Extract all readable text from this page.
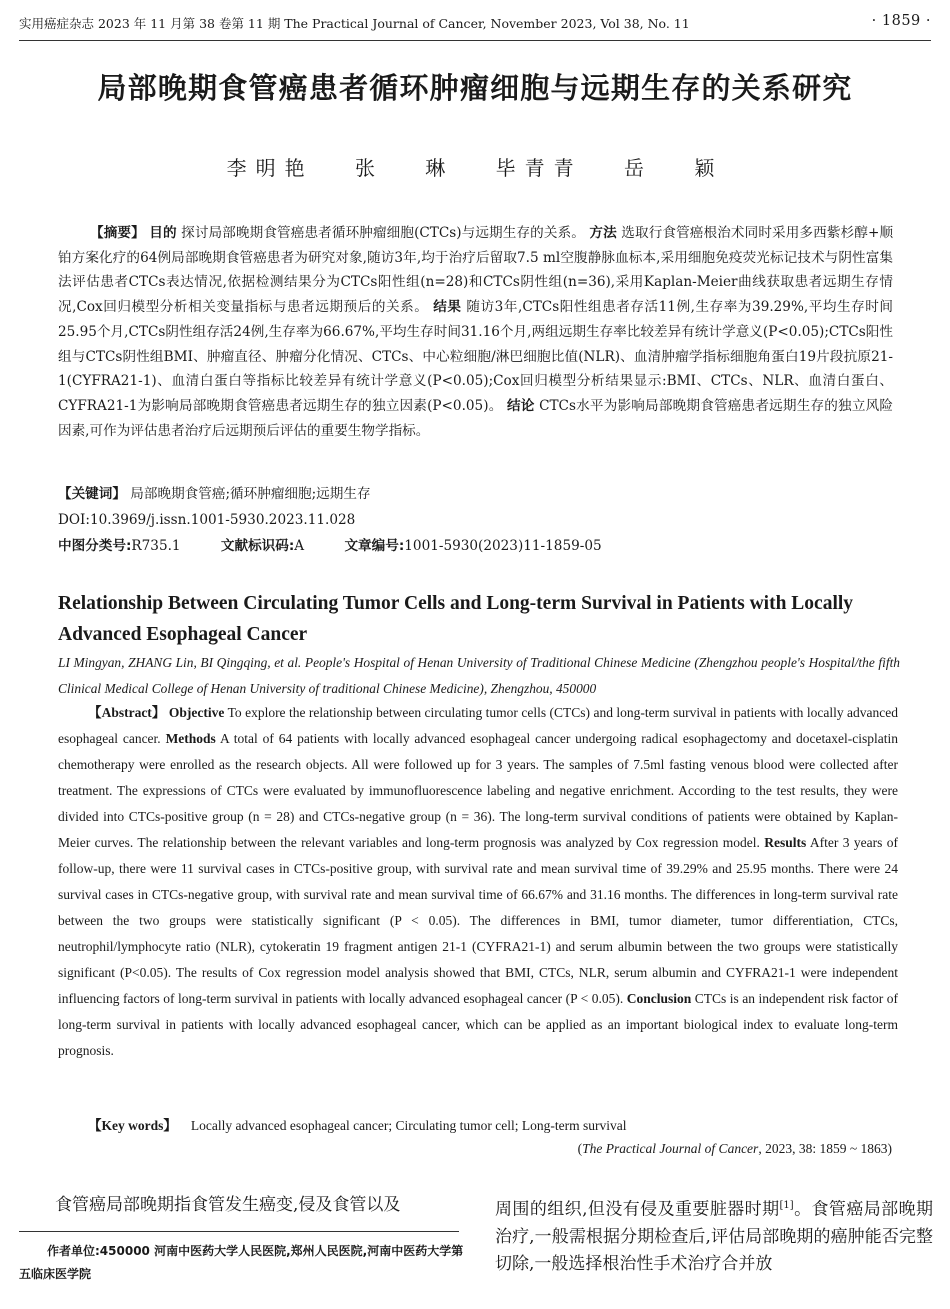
实用癌症杂志 2023 年 11 月第 38 卷第 11 期 The Practical Journal of Cancer, November 2023, Vol 38, No. 11	· 1859 ·
局部晚期食管癌患者循环肿瘤细胞与远期生存的关系研究
李明艳 张 琳 毕青青 岳 颖
【摘要】 目的 探讨局部晚期食管癌患者循环肿瘤细胞(CTCs)与远期生存的关系。 方法 选取行食管癌根治术同时采用多西紫杉醇+顺铂方案化疗的64例局部晚期食管癌患者为研究对象,随访3年,均于治疗后留取7.5 ml空腹静脉血标本,采用细胞免疫荧光标记技术与阴性富集法评估患者CTCs表达情况,依据检测结果分为CTCs阳性组(n=28)和CTCs阴性组(n=36),采用Kaplan-Meier曲线获取患者远期生存情况,Cox回归模型分析相关变量指标与患者远期预后的关系。 结果 随访3年,CTCs阳性组患者存活11例,生存率为39.29%,平均生存时间25.95个月,CTCs阴性组存活24例,生存率为66.67%,平均生存时间31.16个月,两组远期生存率比较差异有统计学意义(P<0.05);CTCs阳性组与CTCs阴性组BMI、肿瘤直径、肿瘤分化情况、CTCs、中心粒细胞/淋巴细胞比值(NLR)、血清肿瘤学指标细胞角蛋白19片段抗原21-1(CYFRA21-1)、血清白蛋白等指标比较差异有统计学意义(P<0.05);Cox回归模型分析结果显示:BMI、CTCs、NLR、血清白蛋白、CYFRA21-1为影响局部晚期食管癌患者远期生存的独立因素(P<0.05)。 结论 CTCs水平为影响局部晚期食管癌患者远期生存的独立风险因素,可作为评估患者治疗后远期预后评估的重要生物学指标。
【关键词】 局部晚期食管癌;循环肿瘤细胞;远期生存
DOI:10.3969/j.issn.1001-5930.2023.11.028
中图分类号:R735.1	文献标识码:A	文章编号:1001-5930(2023)11-1859-05
Relationship Between Circulating Tumor Cells and Long-term Survival in Patients with Locally Advanced Esophageal Cancer
LI Mingyan, ZHANG Lin, BI Qingqing, et al. People's Hospital of Henan University of Traditional Chinese Medicine (Zhengzhou people's Hospital/the fifth Clinical Medical College of Henan University of traditional Chinese Medicine), Zhengzhou, 450000
【Abstract】 Objective To explore the relationship between circulating tumor cells (CTCs) and long-term survival in patients with locally advanced esophageal cancer. Methods A total of 64 patients with locally advanced esophageal cancer undergoing radical esophagectomy and docetaxel-cisplatin chemotherapy were enrolled as the research objects. All were followed up for 3 years. The samples of 7.5ml fasting venous blood were collected after treatment. The expressions of CTCs were evaluated by immunofluorescence labeling and negative enrichment. According to the test results, they were divided into CTCs-positive group (n = 28) and CTCs-negative group (n = 36). The long-term survival conditions of patients were obtained by Kaplan-Meier curves. The relationship between the relevant variables and long-term prognosis was analyzed by Cox regression model. Results After 3 years of follow-up, there were 11 survival cases in CTCs-positive group, with survival rate and mean survival time of 39.29% and 25.95 months. There were 24 survival cases in CTCs-negative group, with survival rate and mean survival time of 66.67% and 31.16 months. The differences in long-term survival rate between the two groups were statistically significant (P < 0.05). The differences in BMI, tumor diameter, tumor differentiation, CTCs, neutrophil/lymphocyte ratio (NLR), cytokeratin 19 fragment antigen 21-1 (CYFRA21-1) and serum albumin between the two groups were statistically significant (P<0.05). The results of Cox regression model analysis showed that BMI, CTCs, NLR, serum albumin and CYFRA21-1 were independent influencing factors of long-term survival in patients with locally advanced esophageal cancer (P < 0.05). Conclusion CTCs is an independent risk factor of long-term survival in patients with locally advanced esophageal cancer, which can be applied as an important biological index to evaluate long-term prognosis.
【Key words】 Locally advanced esophageal cancer; Circulating tumor cell; Long-term survival
(The Practical Journal of Cancer, 2023, 38: 1859 ~ 1863)
食管癌局部晚期指食管发生癌变,侵及食管以及
作者单位:450000 河南中医药大学人民医院,郑州人民医院,河南中医药大学第五临床医学院
周围的组织,但没有侵及重要脏器时期[1]。食管癌局部晚期治疗,一般需根据分期检查后,评估局部晚期的癌肿能否完整切除,一般选择根治性手术治疗合并放
